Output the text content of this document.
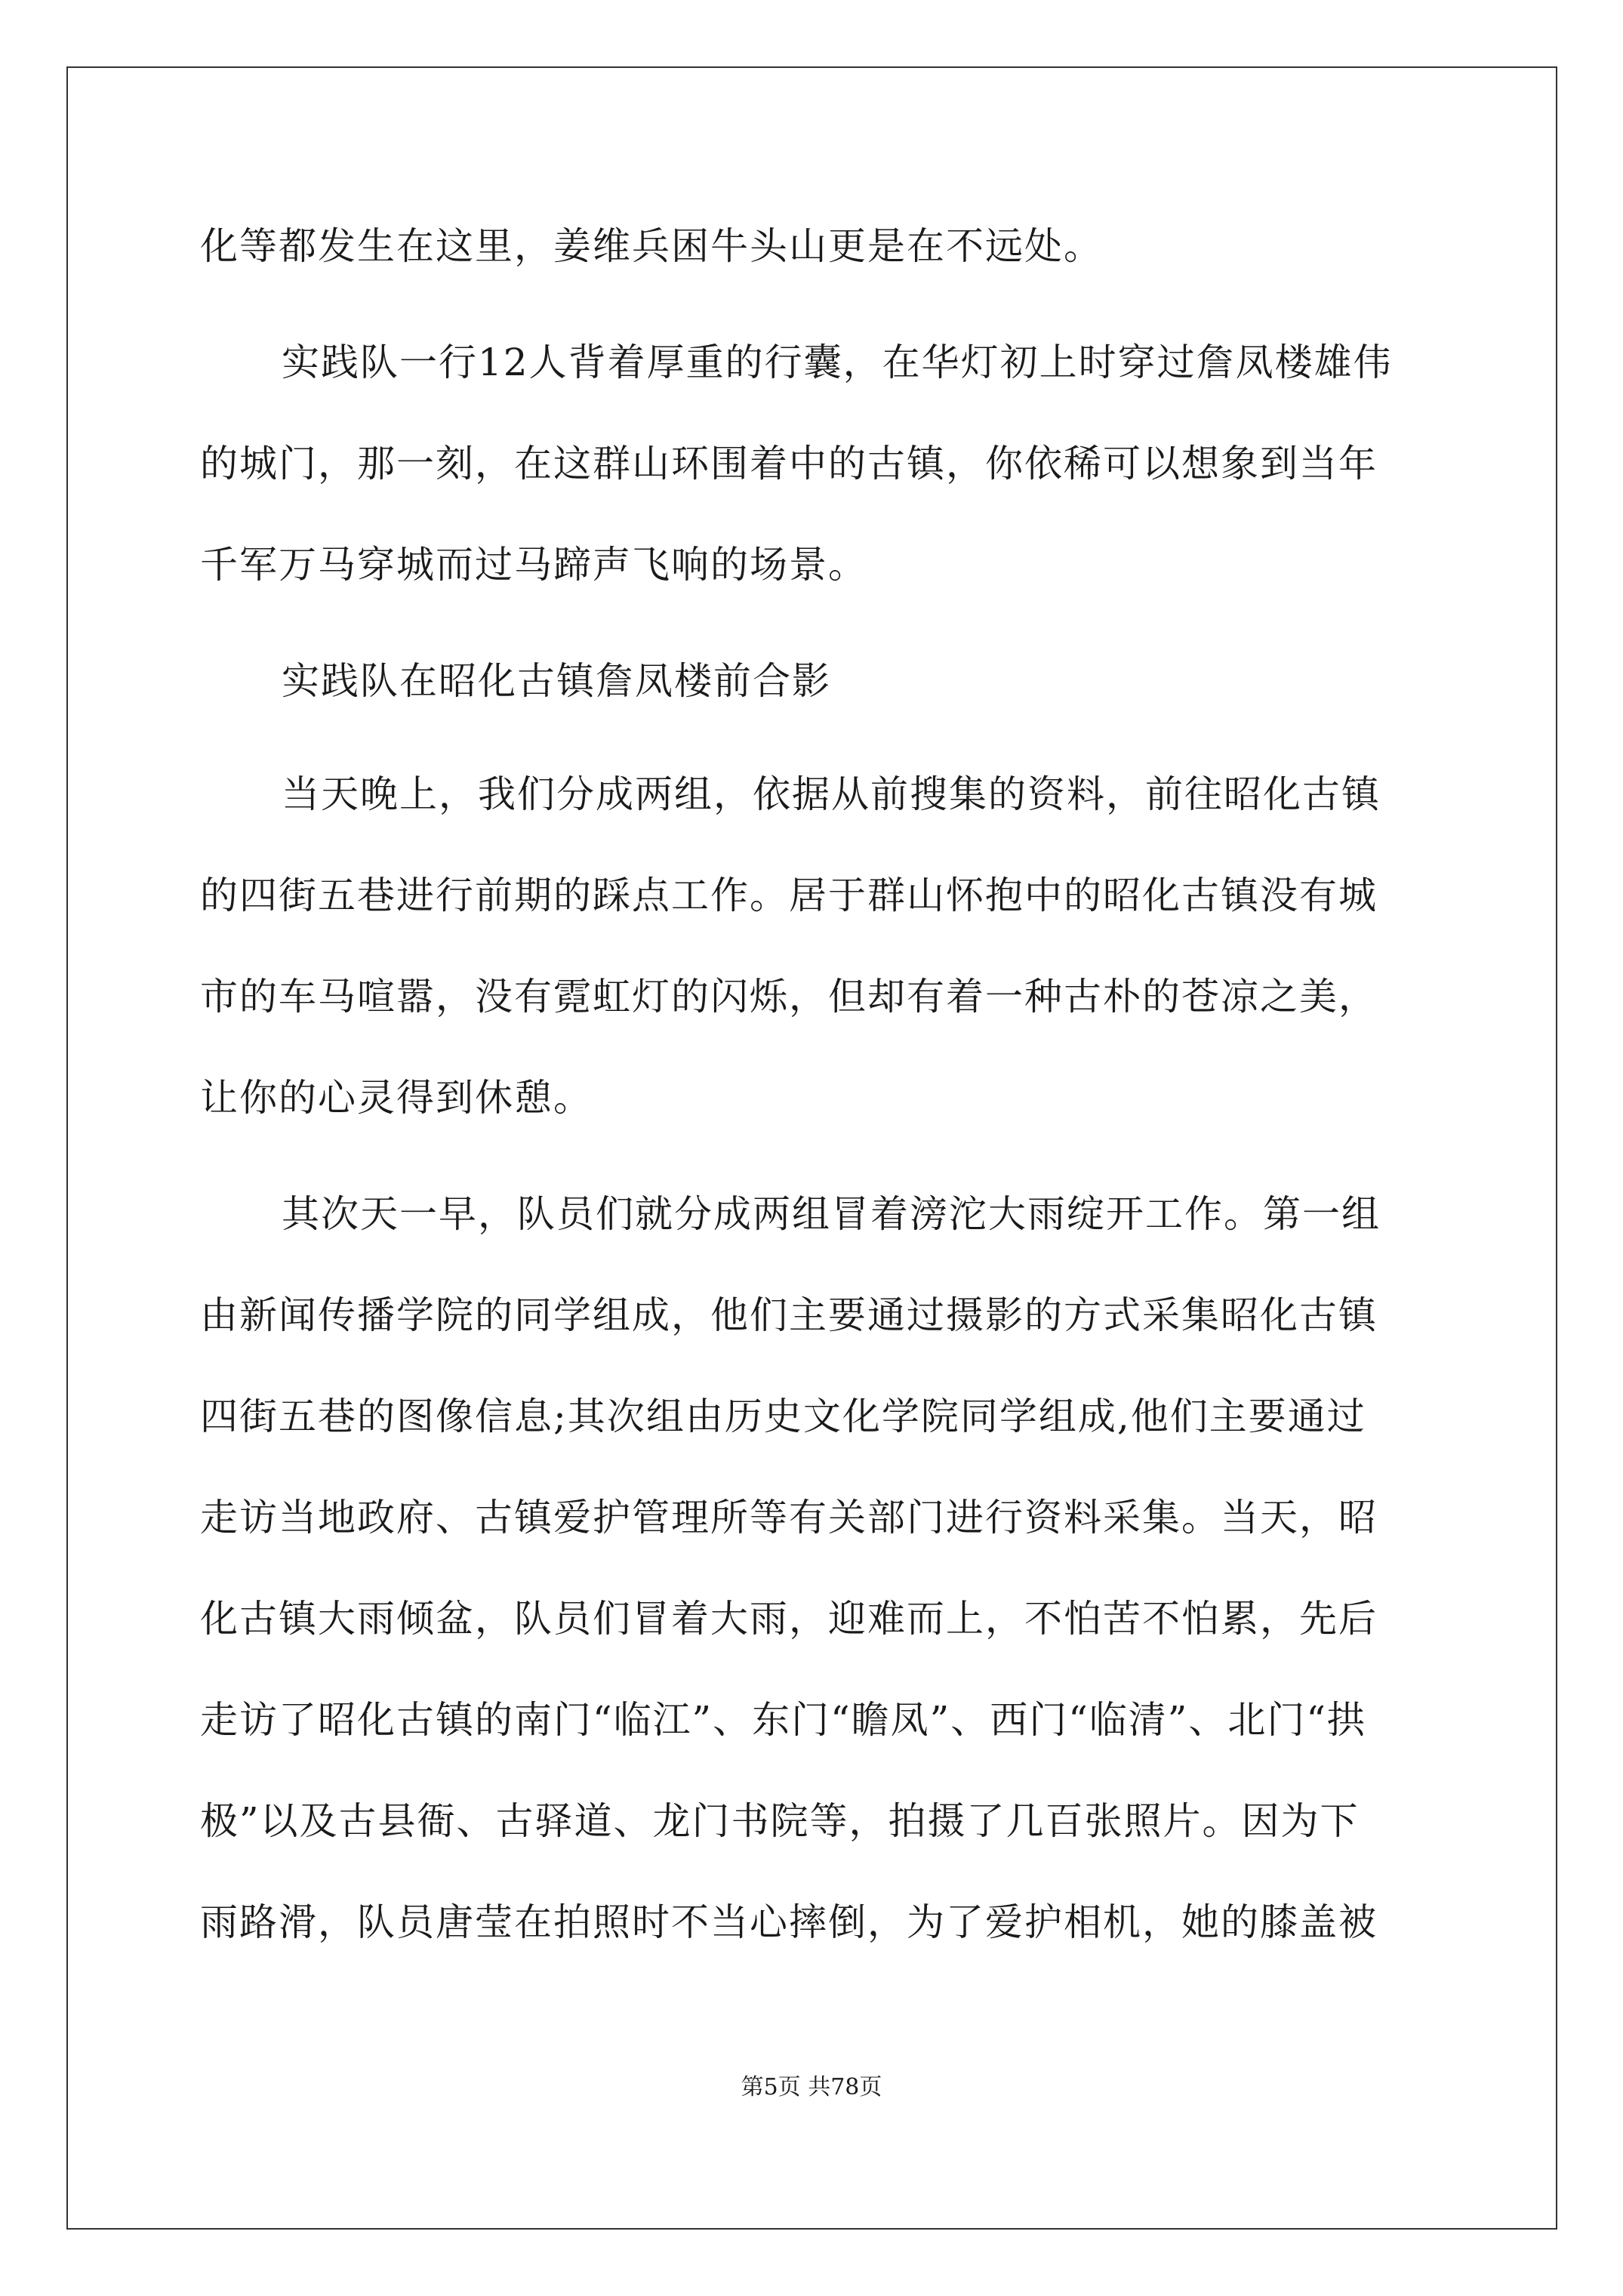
化等都发生在这里，姜维兵困牛头山更是在不远处。
实践队一行12人背着厚重的行囊，在华灯初上时穿过詹凤楼雄伟
的城门，那一刻，在这群山环围着中的古镇，你依稀可以想象到当年
千军万马穿城而过马蹄声飞响的场景。
实践队在昭化古镇詹凤楼前合影
当天晚上，我们分成两组，依据从前搜集的资料，前往昭化古镇
的四街五巷进行前期的踩点工作。居于群山怀抱中的昭化古镇没有城
市的车马喧嚣，没有霓虹灯的闪烁，但却有着一种古朴的苍凉之美，
让你的心灵得到休憩。
其次天一早，队员们就分成两组冒着滂沱大雨绽开工作。第一组
由新闻传播学院的同学组成，他们主要通过摄影的方式采集昭化古镇
四街五巷的图像信息;其次组由历史文化学院同学组成,他们主要通过
走访当地政府、古镇爱护管理所等有关部门进行资料采集。当天，昭
化古镇大雨倾盆，队员们冒着大雨，迎难而上，不怕苦不怕累，先后
走访了昭化古镇的南门“临江”、东门“瞻凤”、西门“临清”、北门“拱
极”以及古县衙、古驿道、龙门书院等，拍摄了几百张照片。因为下
雨路滑，队员唐莹在拍照时不当心摔倒，为了爱护相机，她的膝盖被
第5页 共78页
